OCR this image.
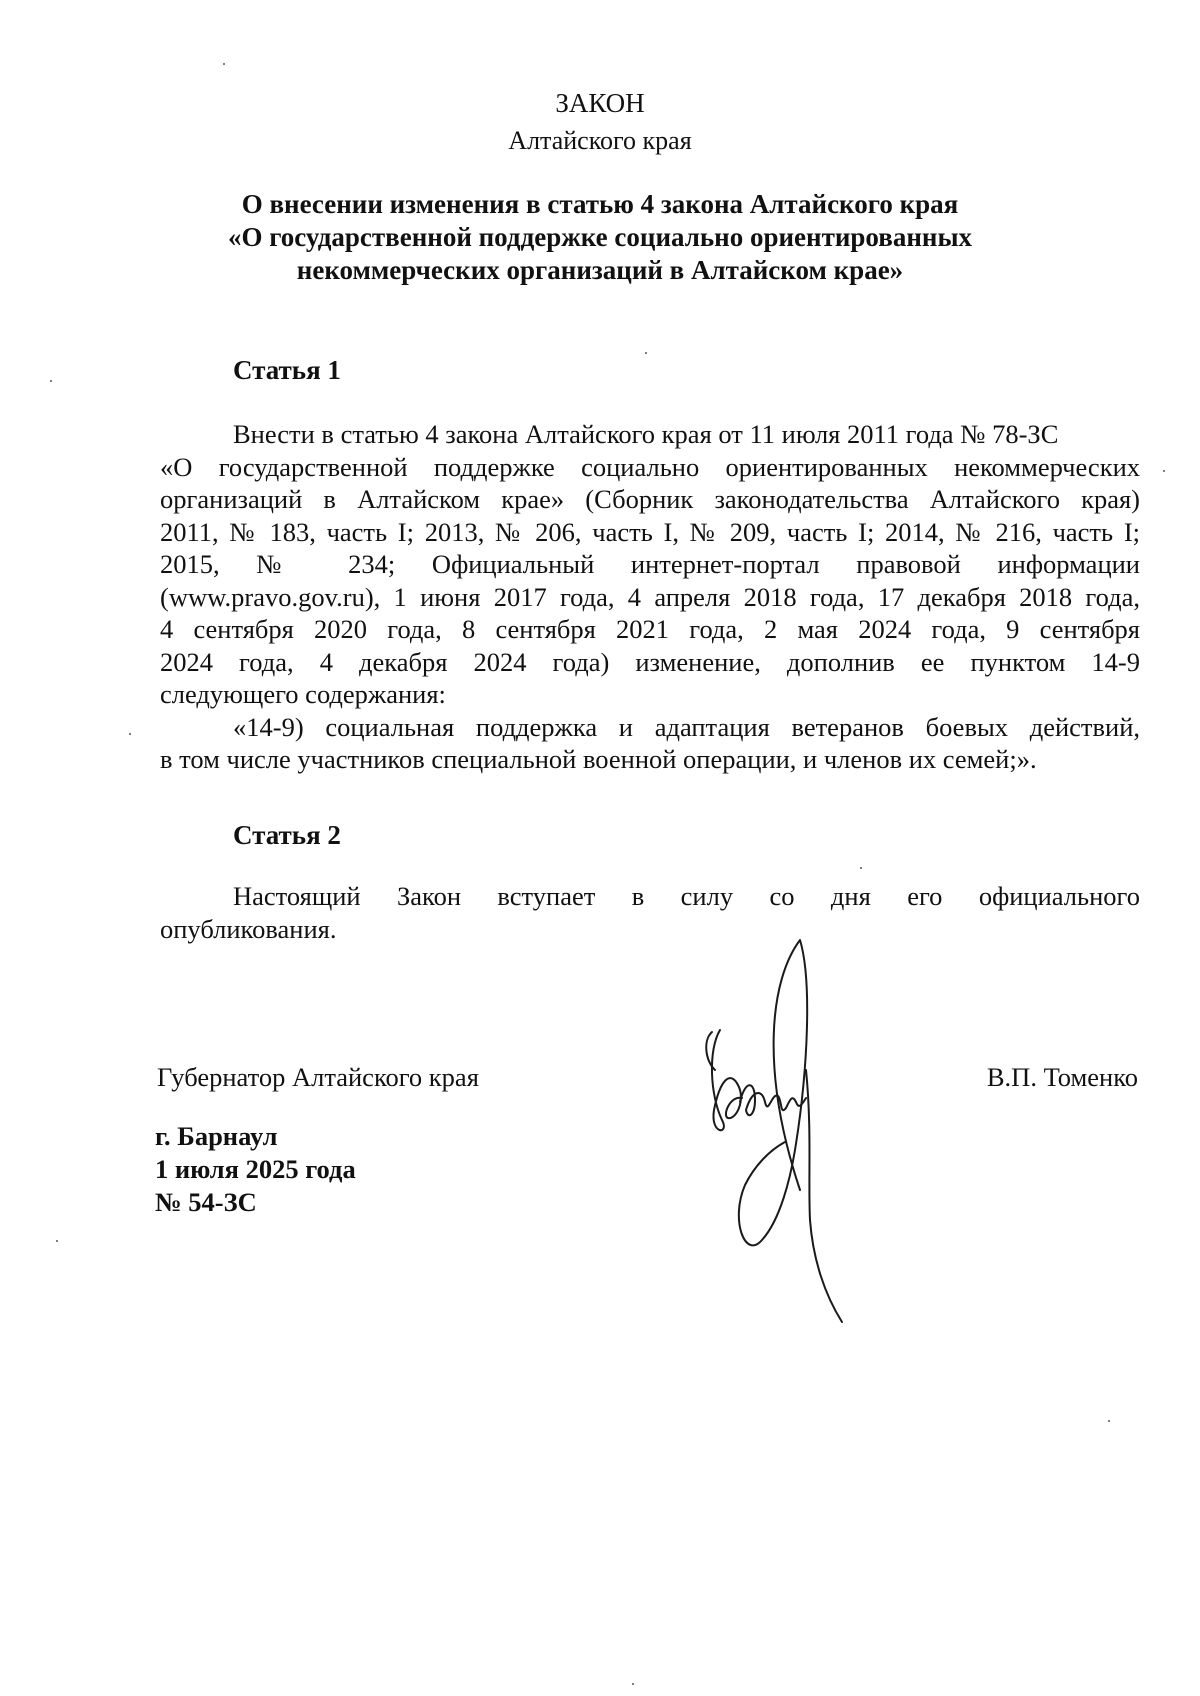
ЗАКОН
Алтайского края
О внесении изменения в статью 4 закона Алтайского края
«О государственной поддержке социально ориентированных
некоммерческих организаций в Алтайском крае»
Статья 1
Внести в статью 4 закона Алтайского края от 11 июля 2011 года № 78-ЗС
«О государственной поддержке социально ориентированных некоммерческих
организаций в Алтайском крае» (Сборник законодательства Алтайского края)
2011, № 183, часть I; 2013, № 206, часть I, № 209, часть I; 2014, № 216, часть I;
2015, № 234; Официальный интернет-портал правовой информации
(www.pravo.gov.ru), 1 июня 2017 года, 4 апреля 2018 года, 17 декабря 2018 года,
4 сентября 2020 года, 8 сентября 2021 года, 2 мая 2024 года, 9 сентября
2024 года, 4 декабря 2024 года) изменение, дополнив ее пунктом 14-9
следующего содержания:
«14-9) социальная поддержка и адаптация ветеранов боевых действий,
в том числе участников специальной военной операции, и членов их семей;».
Статья 2
Настоящий Закон вступает в силу со дня его официального
опубликования.
Губернатор Алтайского края	В.П. Томенко
г. Барнаул
1 июля 2025 года
№ 54-ЗС
